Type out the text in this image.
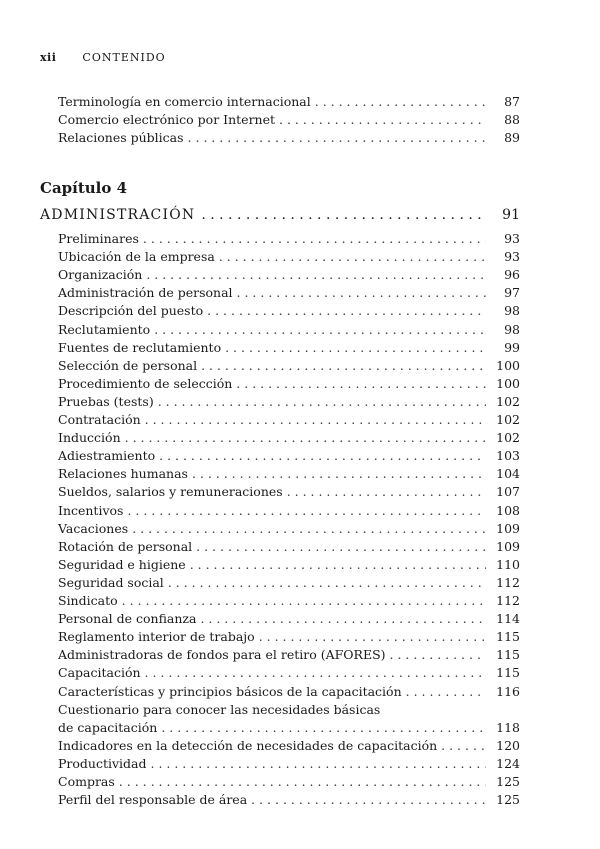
xii CONTENIDO
Terminología en comercio internacional . . .	87
Comercio electrónico por Internet . . .	88
Relaciones públicas . . .	89
Capítulo 4
ADMINISTRACIÓN . . .	91
Preliminares . . .	93
Ubicación de la empresa . . .	93
Organización . . .	96
Administración de personal . . .	97
Descripción del puesto . . .	98
Reclutamiento . . .	98
Fuentes de reclutamiento . . .	99
Selección de personal . . .	100
Procedimiento de selección . . .	100
Pruebas (tests) . . .	102
Contratación . . .	102
Inducción . . .	102
Adiestramiento . . .	103
Relaciones humanas . . .	104
Sueldos, salarios y remuneraciones . . .	107
Incentivos . . .	108
Vacaciones . . .	109
Rotación de personal . . .	109
Seguridad e higiene . . .	110
Seguridad social . . .	112
Sindicato . . .	112
Personal de confianza . . .	114
Reglamento interior de trabajo . . .	115
Administradoras de fondos para el retiro (AFORES) . . .	115
Capacitación . . .	115
Características y principios básicos de la capacitación . . .	116
Cuestionario para conocer las necesidades básicas
de capacitación . . .	118
Indicadores en la detección de necesidades de capacitación . . .	120
Productividad . . .	124
Compras . . .	125
Perfil del responsable de área . . .	125
